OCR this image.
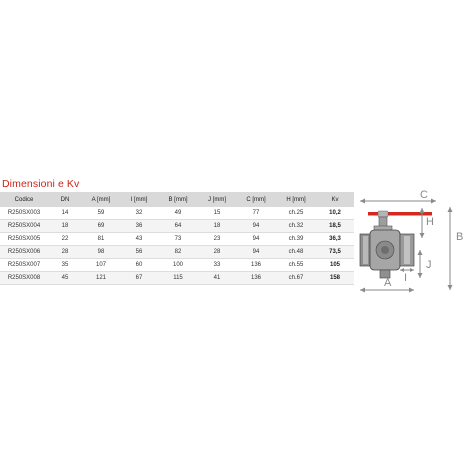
Dimensioni e Kv
Codice	DN	A [mm]	I [mm]	B [mm]	J [mm]	C [mm]	H [mm]	Kv
R250SX003	14	59	32	49	15	77	ch.25	10,2
R250SX004	18	69	36	64	18	94	ch.32	18,5
R250SX005	22	81	43	73	23	94	ch.39	36,3
R250SX006	28	98	56	82	28	94	ch.48	73,5
R250SX007	35	107	60	100	33	136	ch.55	105
R250SX008	45	121	67	115	41	136	ch.67	158
C
H
B
J
I
A
